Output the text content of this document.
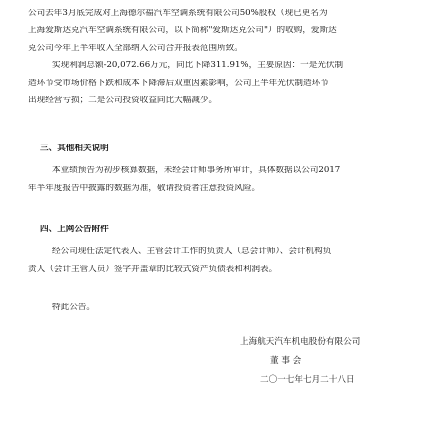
公司去年3月底完成对上海德尔福汽车空调系统有限公司50%股权（现已更名为
上海爱斯达克汽车空调系统有限公司，以下简称"爱斯达克公司"）的收购，爱斯达
克公司今年上半年收入全部纳入公司合并报表范围所致。
实现利润总额-20,072.66万元，同比下降311.91%，主要原因：一是光伏制
造环节受市场价格下跌和成本下降滞后双重因素影响，公司上半年光伏制造环节
出现经营亏损；二是公司投资收益同比大幅减少。
三、其他相关说明
本业绩预告为初步核算数据，未经会计师事务所审计，具体数据以公司2017
年半年度报告中披露的数据为准，敬请投资者注意投资风险。
四、上网公告附件
经公司现任法定代表人、主管会计工作的负责人（总会计师）、会计机构负
责人（会计主管人员）签字并盖章的比较式资产负债表和利润表。
特此公告。
上海航天汽车机电股份有限公司
董 事 会
二〇一七年七月二十八日
